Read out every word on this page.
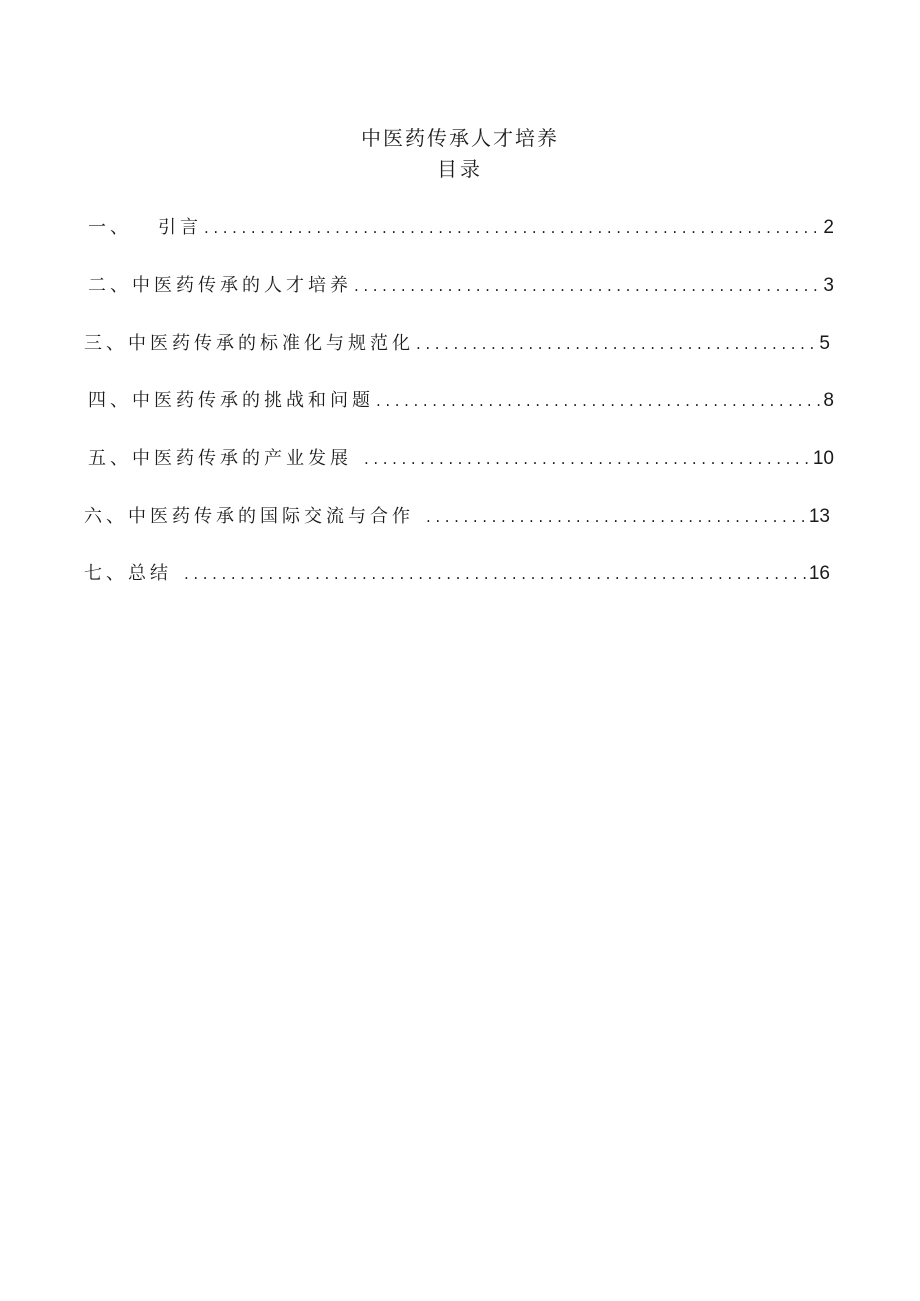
中医药传承人才培养
目录
一、 引言 .....	2
二、 中医药传承的人才培养 .....	3
三、 中医药传承的标准化与规范化 .....	5
四、 中医药传承的挑战和问题 .....	8
五、 中医药传承的产业发展 .....	10
六、 中医药传承的国际交流与合作 .....	13
七、 总结 .....	16
